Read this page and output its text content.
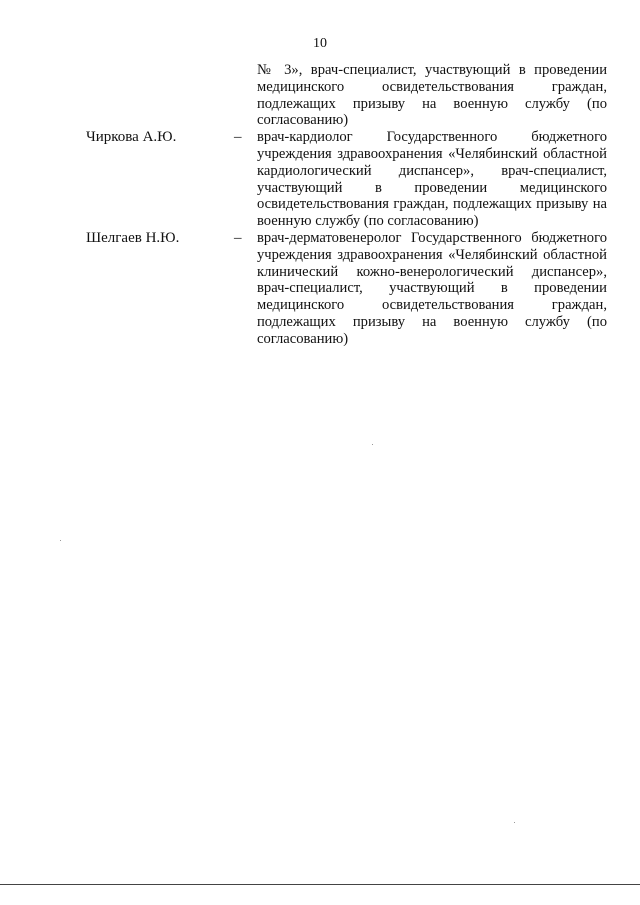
10
№ 3», врач-специалист, участвующий в проведении медицинского освидетельствования граждан, подлежащих призыву на военную службу (по согласованию)
Чиркова А.Ю.	– врач-кардиолог Государственного бюджетного учреждения здравоохранения «Челябинский областной кардиологический диспансер», врач-специалист, участвующий в проведении медицинского освидетельствования граждан, подлежащих призыву на военную службу (по согласованию)
Шелгаев Н.Ю.	– врач-дерматовенеролог Государственного бюджетного учреждения здравоохранения «Челябинский областной клинический кожно-венерологический диспансер», врач-специалист, участвующий в проведении медицинского освидетельствования граждан, подлежащих призыву на военную службу (по согласованию)
